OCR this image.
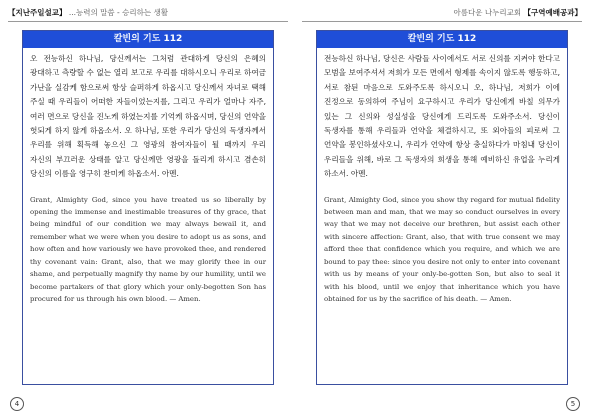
【지난주일설교】 ...능력의 말씀 - 승리하는 생활
칼빈의 기도 112
오 전능하신 하나님, 당신께서는 그처럼 관대하게 당신의 은혜의 광대하고 측량할 수 없는 열리 보고로 우리를 대하시오니 우리로 하여금 가난을 실감케 함으로써 항상 슬퍼하게 하옵시고 당신께서 자녀로 택해 주실 때 우리들이 어떠한 자들이었는지를, 그리고 우리가 얼마나 자주, 여러 면으로 당신을 진노케 하였는지를 기억케 하옵시며, 당신의 언약을 헛되게 하지 않게 하옵소서. 오 하나님, 또한 우리가 당신의 독생자께서 우리를 위해 획득해 놓으신 그 영광의 참여자들이 될 때까지 우리 자신의 부끄러운 상태를 알고 당신께만 영광을 돌리게 하시고 겸손히 당신의 이름을 영구히 찬미케 하옵소서. 아멘.
Grant, Almighty God, since you have treated us so liberally by opening the immense and inestimable treasures of thy grace, that being mindful of our condition we may always bewail it, and remember what we were when you desire to adopt us as sons, and how often and how variously we have provoked thee, and rendered thy covenant vain: Grant, also, that we may glorify thee in our shame, and perpetually magnify thy name by our humility, until we become partakers of that glory which your only-begotten Son has procured for us through his own blood. — Amen.
4
아름다운 나누리교회 【구역예배공과】
칼빈의 기도 112
전능하신 하나님, 당신은 사람들 사이에서도 서로 신의를 지켜야 한다고 모범을 보여주셔서 저희가 모든 면에서 형제를 속이지 않도록 행동하고, 서로 참된 마음으로 도와주도록 하시오니 오, 하나님, 저희가 이에 진정으로 동의하여 주님이 요구하시고 우리가 당신에게 바칠 의무가 있는 그 신의와 성실성을 당신에게 드리도록 도와주소서. 당신이 독생자를 통해 우리들과 언약을 체결하시고, 또 외아들의 피로써 그 언약을 봉인하셨사오니, 우리가 언약에 항상 충실하다가 마침내 당신이 우리들을 위해, 바로 그 독생자의 희생을 통해 예비하신 유업을 누리게 하소서. 아멘.
Grant, Almighty God, since you show thy regard for mutual fidelity between man and man, that we may so conduct ourselves in every way that we may not deceive our brethren, but assist each other with sincere affection: Grant, also, that with true consent we may afford thee that confidence which you require, and which we are bound to pay thee: since you desire not only to enter into covenant with us by means of your only-be-gotten Son, but also to seal it with his blood, until we enjoy that inheritance which you have obtained for us by the sacrifice of his death. — Amen.
5
